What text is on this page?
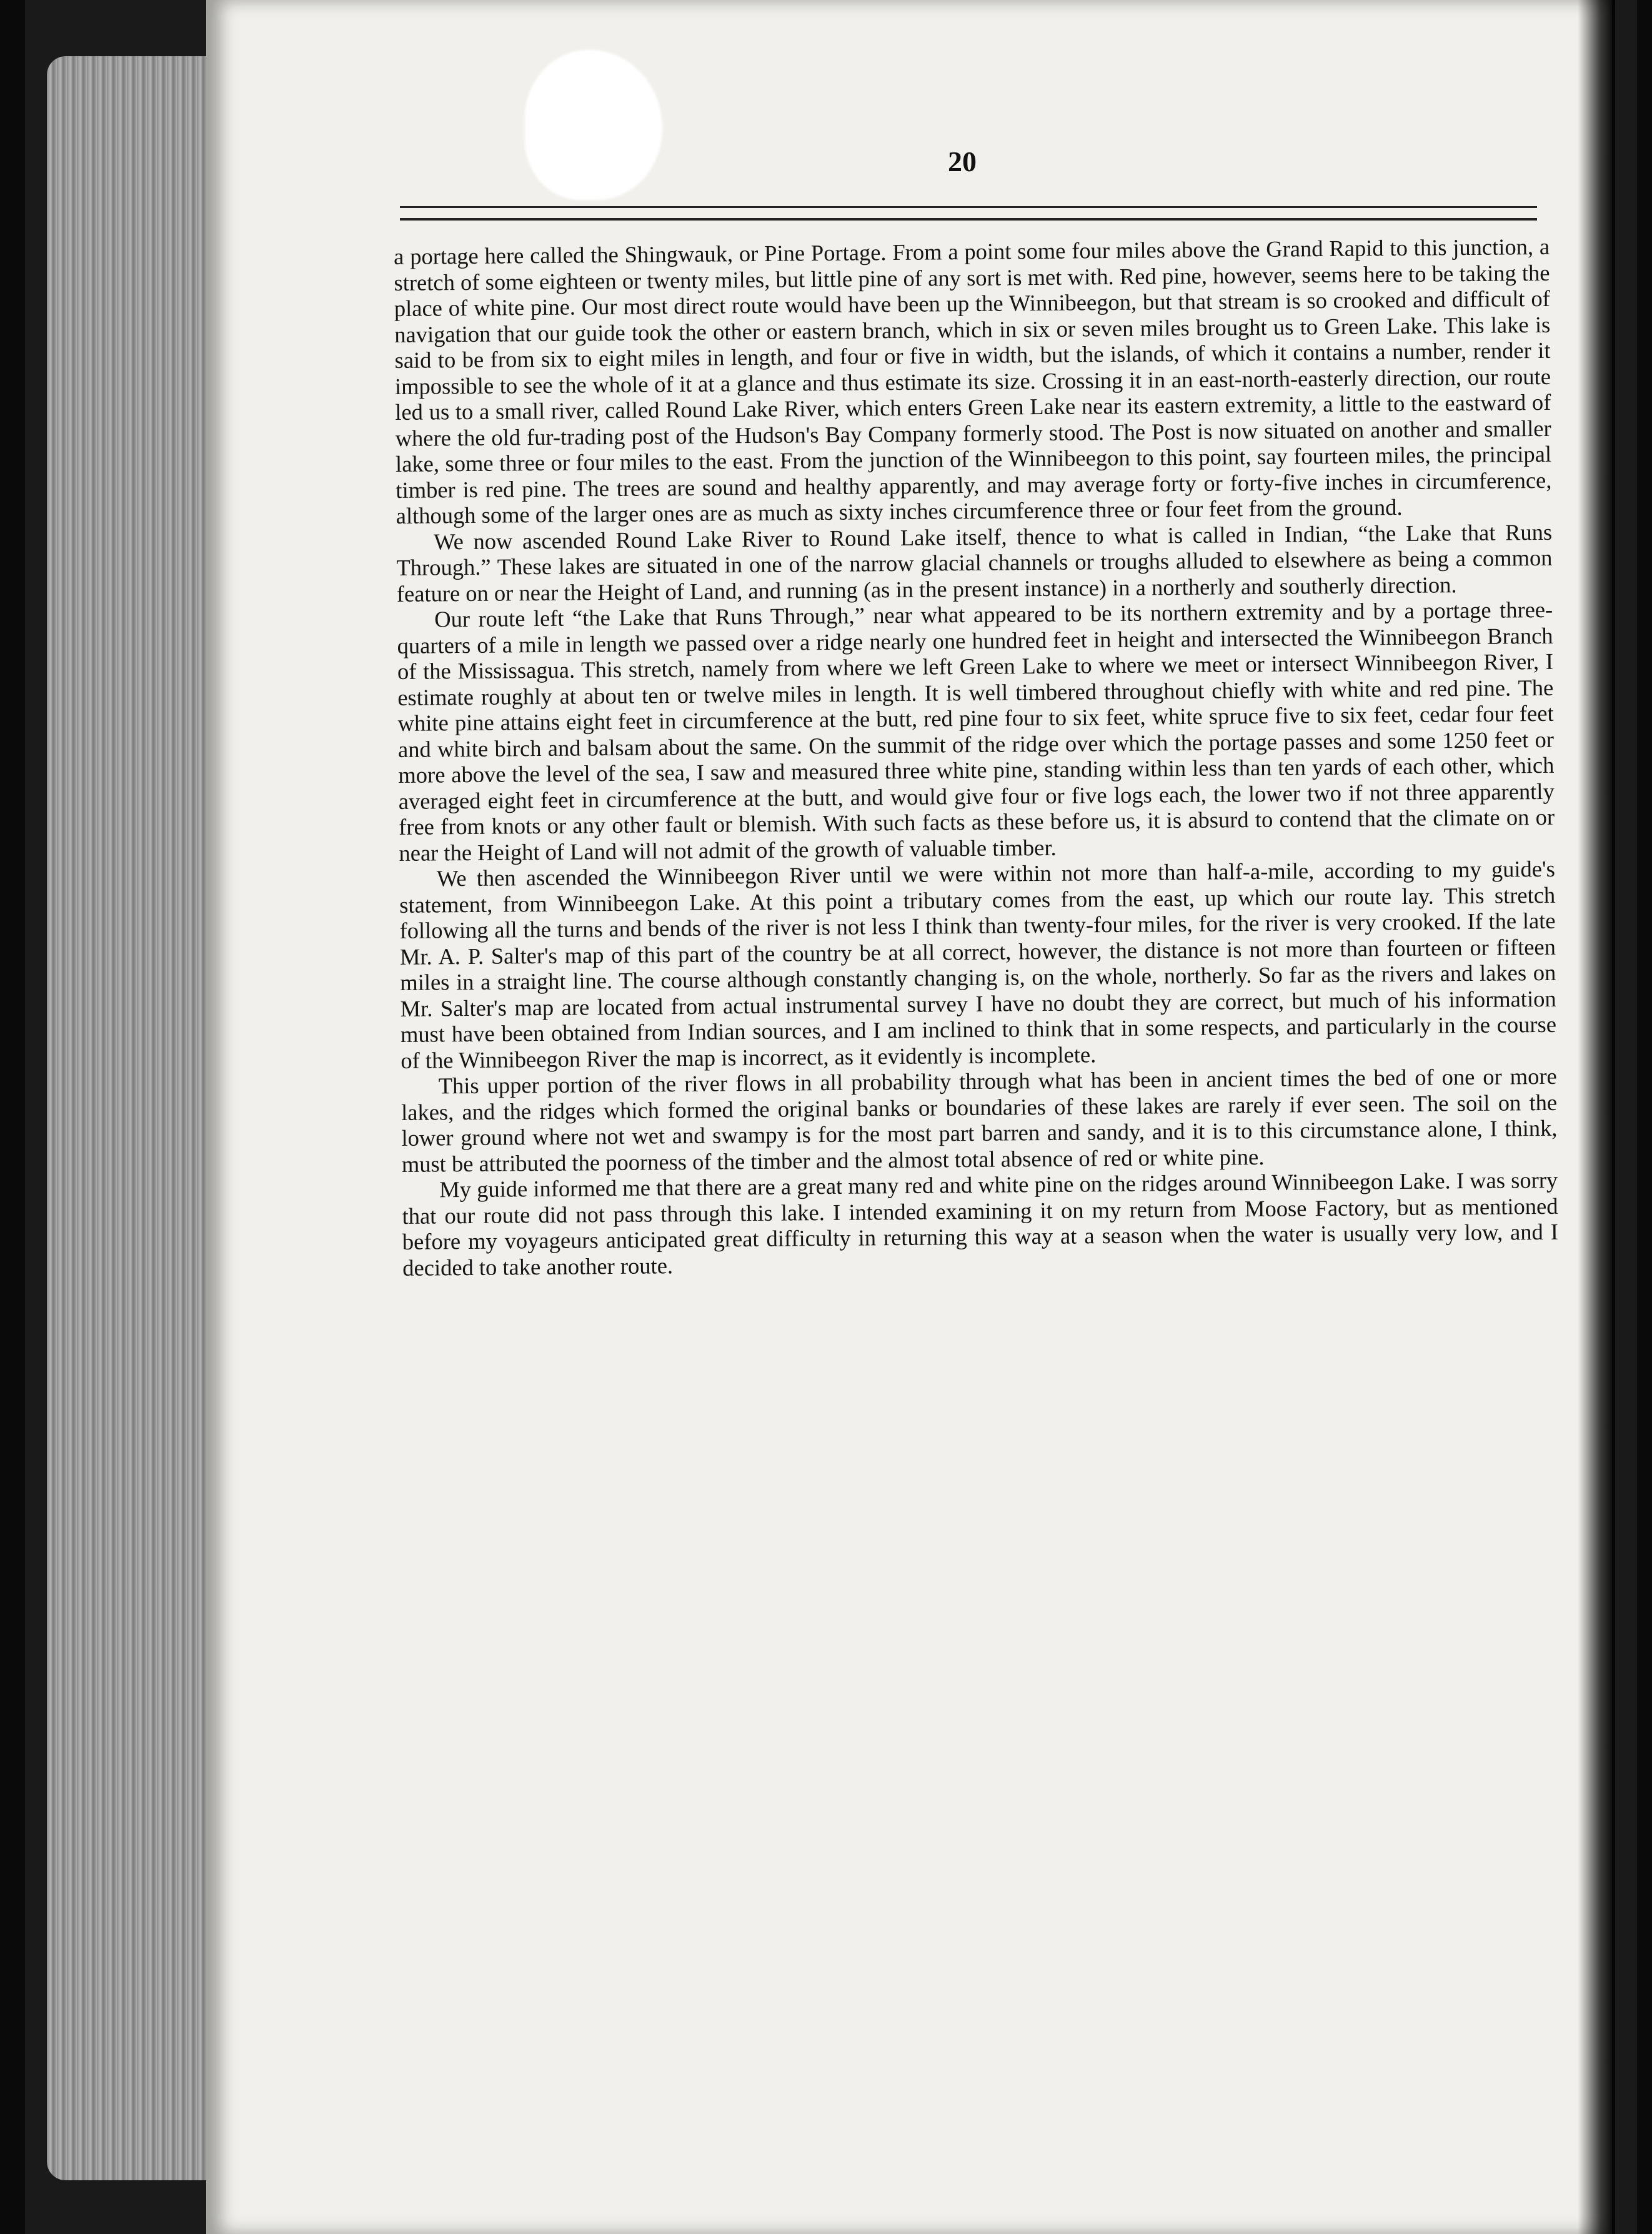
20

a portage here called the Shingwauk, or Pine Portage. From a point some four miles above the Grand Rapid to this junction, a stretch of some eighteen or twenty miles, but little pine of any sort is met with. Red pine, however, seems here to be taking the place of white pine. Our most direct route would have been up the Winnibeegon, but that stream is so crooked and difficult of navigation that our guide took the other or eastern branch, which in six or seven miles brought us to Green Lake. This lake is said to be from six to eight miles in length, and four or five in width, but the islands, of which it contains a number, render it impossible to see the whole of it at a glance and thus estimate its size. Crossing it in an east-north-easterly direction, our route led us to a small river, called Round Lake River, which enters Green Lake near its eastern extremity, a little to the eastward of where the old fur-trading post of the Hudson's Bay Company formerly stood. The Post is now situated on another and smaller lake, some three or four miles to the east. From the junction of the Winnibeegon to this point, say fourteen miles, the principal timber is red pine. The trees are sound and healthy apparently, and may average forty or forty-five inches in circumference, although some of the larger ones are as much as sixty inches circumference three or four feet from the ground.

We now ascended Round Lake River to Round Lake itself, thence to what is called in Indian, “the Lake that Runs Through.” These lakes are situated in one of the narrow glacial channels or troughs alluded to elsewhere as being a common feature on or near the Height of Land, and running (as in the present instance) in a northerly and southerly direction.

Our route left “the Lake that Runs Through,” near what appeared to be its northern extremity and by a portage three-quarters of a mile in length we passed over a ridge nearly one hundred feet in height and intersected the Winnibeegon Branch of the Mississagua. This stretch, namely from where we left Green Lake to where we meet or intersect Winnibeegon River, I estimate roughly at about ten or twelve miles in length. It is well timbered throughout chiefly with white and red pine. The white pine attains eight feet in circumference at the butt, red pine four to six feet, white spruce five to six feet, cedar four feet and white birch and balsam about the same. On the summit of the ridge over which the portage passes and some 1250 feet or more above the level of the sea, I saw and measured three white pine, standing within less than ten yards of each other, which averaged eight feet in circumference at the butt, and would give four or five logs each, the lower two if not three apparently free from knots or any other fault or blemish. With such facts as these before us, it is absurd to contend that the climate on or near the Height of Land will not admit of the growth of valuable timber.

We then ascended the Winnibeegon River until we were within not more than half-a-mile, according to my guide's statement, from Winnibeegon Lake. At this point a tributary comes from the east, up which our route lay. This stretch following all the turns and bends of the river is not less I think than twenty-four miles, for the river is very crooked. If the late Mr. A. P. Salter's map of this part of the country be at all correct, however, the distance is not more than fourteen or fifteen miles in a straight line. The course although constantly changing is, on the whole, northerly. So far as the rivers and lakes on Mr. Salter's map are located from actual instrumental survey I have no doubt they are correct, but much of his information must have been obtained from Indian sources, and I am inclined to think that in some respects, and particularly in the course of the Winnibeegon River the map is incorrect, as it evidently is incomplete.

This upper portion of the river flows in all probability through what has been in ancient times the bed of one or more lakes, and the ridges which formed the original banks or boundaries of these lakes are rarely if ever seen. The soil on the lower ground where not wet and swampy is for the most part barren and sandy, and it is to this circumstance alone, I think, must be attributed the poorness of the timber and the almost total absence of red or white pine.

My guide informed me that there are a great many red and white pine on the ridges around Winnibeegon Lake. I was sorry that our route did not pass through this lake. I intended examining it on my return from Moose Factory, but as mentioned before my voyageurs anticipated great difficulty in returning this way at a season when the water is usually very low, and I decided to take another route.
